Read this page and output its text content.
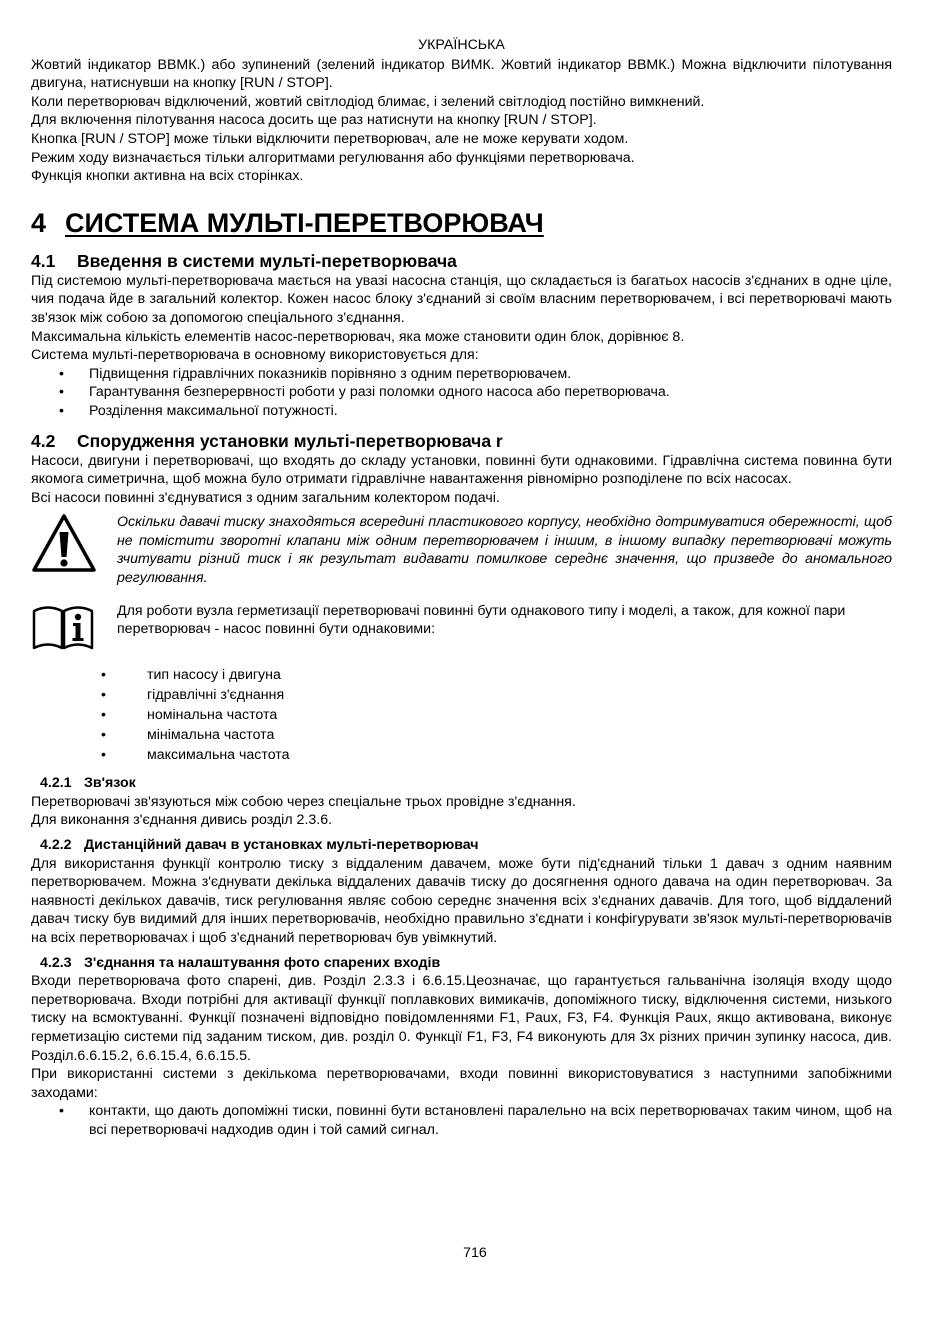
УКРАЇНСЬКА

Жовтий індикатор ВВМК.) або зупинений (зелений індикатор ВИМК. Жовтий індикатор ВВМК.) Можна відключити пілотування двигуна, натиснувши на кнопку [RUN / STOP].

Коли перетворювач відключений, жовтий світлодіод блимає, і зелений світлодіод постійно вимкнений.

Для включення пілотування насоса досить ще раз натиснути на кнопку [RUN / STOP].

Кнопка [RUN / STOP] може тільки відключити перетворювач, але не може керувати ходом.

Режим ходу визначається тільки алгоритмами регулювання або функціями перетворювача.

Функція кнопки активна на всіх сторінках.

4 СИСТЕМА МУЛЬТІ-ПЕРЕТВОРЮВАЧ
4.1 Введення в системи мульті-перетворювача

Під системою мульті-перетворювача мається на увазі насосна станція, що складається із багатьох насосів з'єднаних в одне ціле, чия подача йде в загальний колектор. Кожен насос блоку з'єднаний зі своїм власним перетворювачем, і всі перетворювачі мають зв'язок між собою за допомогою спеціального з'єднання.

Максимальна кількість елементів насос-перетворювач, яка може становити один блок, дорівнює 8.

Система мульті-перетворювача в основному використовується для:

• Підвищення гідравлічних показників порівняно з одним перетворювачем.
• Гарантування безперервності роботи у разі поломки одного насоса або перетворювача.
• Розділення максимальної потужності.
4.2 Спорудження установки мульті-перетворювача r

Насоси, двигуни і перетворювачі, що входять до складу установки, повинні бути однаковими. Гідравлічна система повинна бути якомога симетрична, щоб можна було отримати гідравлічне навантаження рівномірно розподілене по всіх насосах.

Всі насоси повинні з'єднуватися з одним загальним колектором подачі.

Оскільки давачі тиску знаходяться всередині пластикового корпусу, необхідно дотримуватися обережності, щоб не помістити зворотні клапани між одним перетворювачем і іншим, в іншому випадку перетворювачі можуть зчитувати різний тиск і як результат видавати помилкове середнє значення, що призведе до аномального регулювання.

Для роботи вузла герметизації перетворювачі повинні бути однакового типу і моделі, а також, для кожної пари перетворювач - насос повинні бути однаковими:

• тип насосу і двигуна
• гідравлічні з'єднання
• номінальна частота
• мінімальна частота
• максимальна частота
4.2.1 Зв'язок

Перетворювачі зв'язуються між собою через спеціальне трьох провідне з'єднання.

Для виконання з'єднання дивись розділ 2.3.6.

4.2.2 Дистанційний давач в установках мульті-перетворювач

Для використання функції контролю тиску з віддаленим давачем, може бути під'єднаний тільки 1 давач з одним наявним перетворювачем. Можна з'єднувати декілька віддалених давачів тиску до досягнення одного давача на один перетворювач. За наявності декількох давачів, тиск регулювання являє собою середнє значення всіх з'єднаних давачів. Для того, щоб віддалений давач тиску був видимий для інших перетворювачів, необхідно правильно з'єднати і конфігурувати зв'язок мульті-перетворювачів на всіх перетворювачах і щоб з'єднаний перетворювач був увімкнутий.

4.2.3 З'єднання та налаштування фото спарених входів

Входи перетворювача фото спарені, див. Розділ 2.3.3 і 6.6.15.Цеозначає, що гарантується гальванічна ізоляція входу щодо перетворювача. Входи потрібні для активації функції поплавкових вимикачів, допоміжного тиску, відключення системи, низького тиску на всмоктуванні. Функції позначені відповідно повідомленнями F1, Paux, F3, F4. Функція Paux, якщо активована, виконує герметизацію системи під заданим тиском, див. розділ 0. Функції F1, F3, F4 виконують для 3х різних причин зупинку насоса, див. Розділ.6.6.15.2, 6.6.15.4, 6.6.15.5.

При використанні системи з декількома перетворювачами, входи повинні використовуватися з наступними запобіжними заходами:

• контакти, що дають допоміжні тиски, повинні бути встановлені паралельно на всіх перетворювачах таким чином, щоб на всі перетворювачі надходив один і той самий сигнал.
716
